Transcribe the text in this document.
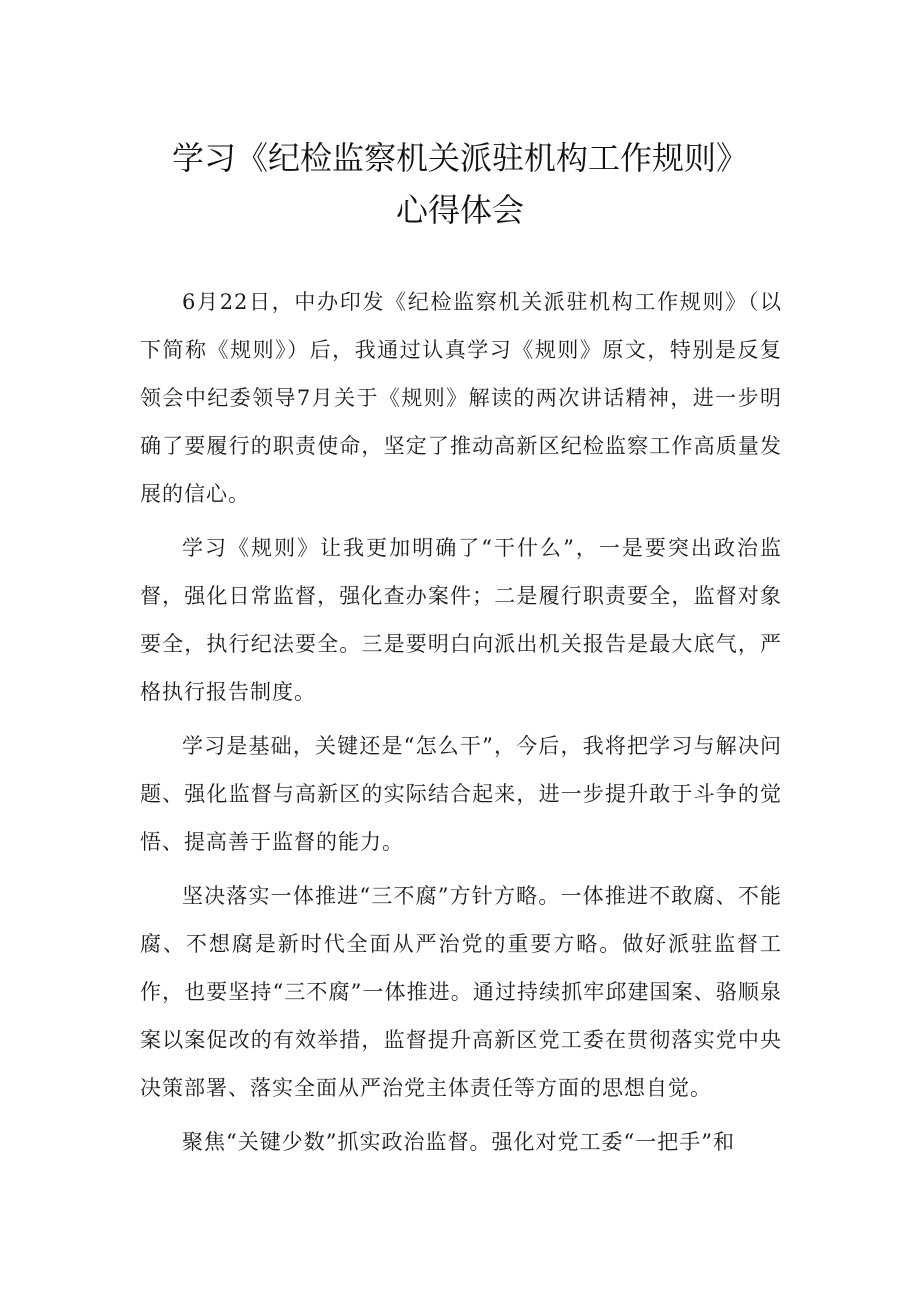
学习《纪检监察机关派驻机构工作规则》
心得体会

6月22日，中办印发《纪检监察机关派驻机构工作规则》（以下简称《规则》）后，我通过认真学习《规则》原文，特别是反复领会中纪委领导7月关于《规则》解读的两次讲话精神，进一步明确了要履行的职责使命，坚定了推动高新区纪检监察工作高质量发展的信心。

学习《规则》让我更加明确了“干什么”，一是要突出政治监督，强化日常监督，强化查办案件；二是履行职责要全，监督对象要全，执行纪法要全。三是要明白向派出机关报告是最大底气，严格执行报告制度。

学习是基础，关键还是“怎么干”，今后，我将把学习与解决问题、强化监督与高新区的实际结合起来，进一步提升敢于斗争的觉悟、提高善于监督的能力。

坚决落实一体推进“三不腐”方针方略。一体推进不敢腐、不能腐、不想腐是新时代全面从严治党的重要方略。做好派驻监督工作，也要坚持“三不腐”一体推进。通过持续抓牢邱建国案、骆顺泉案以案促改的有效举措，监督提升高新区党工委在贯彻落实党中央决策部署、落实全面从严治党主体责任等方面的思想自觉。

聚焦“关键少数”抓实政治监督。强化对党工委“一把手”和
